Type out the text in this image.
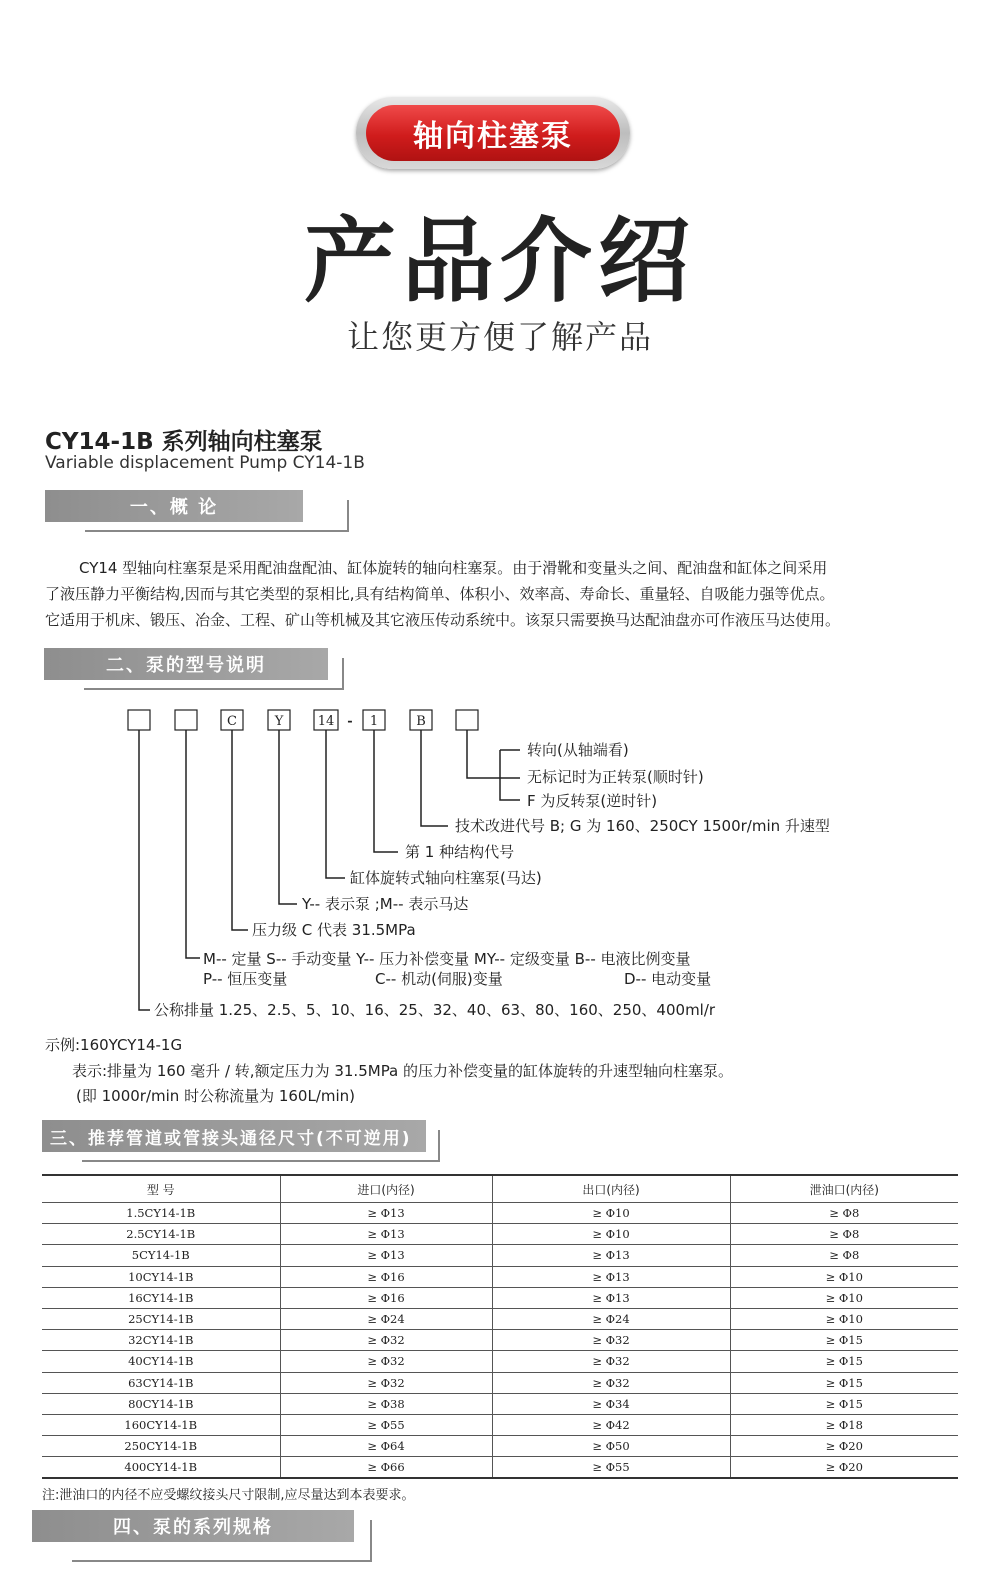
轴向柱塞泵
产品介绍
让您更方便了解产品
CY14-1B 系列轴向柱塞泵
Variable displacement Pump CY14-1B
一、概 论
CY14 型轴向柱塞泵是采用配油盘配油、缸体旋转的轴向柱塞泵。由于滑靴和变量头之间、配油盘和缸体之间采用
了液压静力平衡结构,因而与其它类型的泵相比,具有结构简单、体积小、效率高、寿命长、重量轻、自吸能力强等优点。
它适用于机床、锻压、冶金、工程、矿山等机械及其它液压传动系统中。该泵只需要换马达配油盘亦可作液压马达使用。
二、泵的型号说明
C	Y	14 - 1	B
转向(从轴端看)
无标记时为正转泵(顺时针)
F 为反转泵(逆时针)
技术改进代号 B; G 为 160、250CY 1500r/min 升速型
第 1 种结构代号
缸体旋转式轴向柱塞泵(马达)
Y-- 表示泵 ;M-- 表示马达
压力级 C 代表 31.5MPa
M-- 定量 S-- 手动变量 Y-- 压力补偿变量 MY-- 定级变量 B-- 电液比例变量
P-- 恒压变量	C-- 机动(伺服)变量	D-- 电动变量
公称排量 1.25、2.5、5、10、16、25、32、40、63、80、160、250、400ml/r
示例:160YCY14-1G
表示:排量为 160 毫升 / 转,额定压力为 31.5MPa 的压力补偿变量的缸体旋转的升速型轴向柱塞泵。
(即 1000r/min 时公称流量为 160L/min)
三、推荐管道或管接头通径尺寸(不可逆用)
型 号	进口(内径)	出口(内径)	泄油口(内径)
1.5CY14-1B	≥ Φ13	≥ Φ10	≥ Φ8
2.5CY14-1B	≥ Φ13	≥ Φ10	≥ Φ8
5CY14-1B	≥ Φ13	≥ Φ13	≥ Φ8
10CY14-1B	≥ Φ16	≥ Φ13	≥ Φ10
16CY14-1B	≥ Φ16	≥ Φ13	≥ Φ10
25CY14-1B	≥ Φ24	≥ Φ24	≥ Φ10
32CY14-1B	≥ Φ32	≥ Φ32	≥ Φ15
40CY14-1B	≥ Φ32	≥ Φ32	≥ Φ15
63CY14-1B	≥ Φ32	≥ Φ32	≥ Φ15
80CY14-1B	≥ Φ38	≥ Φ34	≥ Φ15
160CY14-1B	≥ Φ55	≥ Φ42	≥ Φ18
250CY14-1B	≥ Φ64	≥ Φ50	≥ Φ20
400CY14-1B	≥ Φ66	≥ Φ55	≥ Φ20
注:泄油口的内径不应受螺纹接头尺寸限制,应尽量达到本表要求。
四、泵的系列规格
